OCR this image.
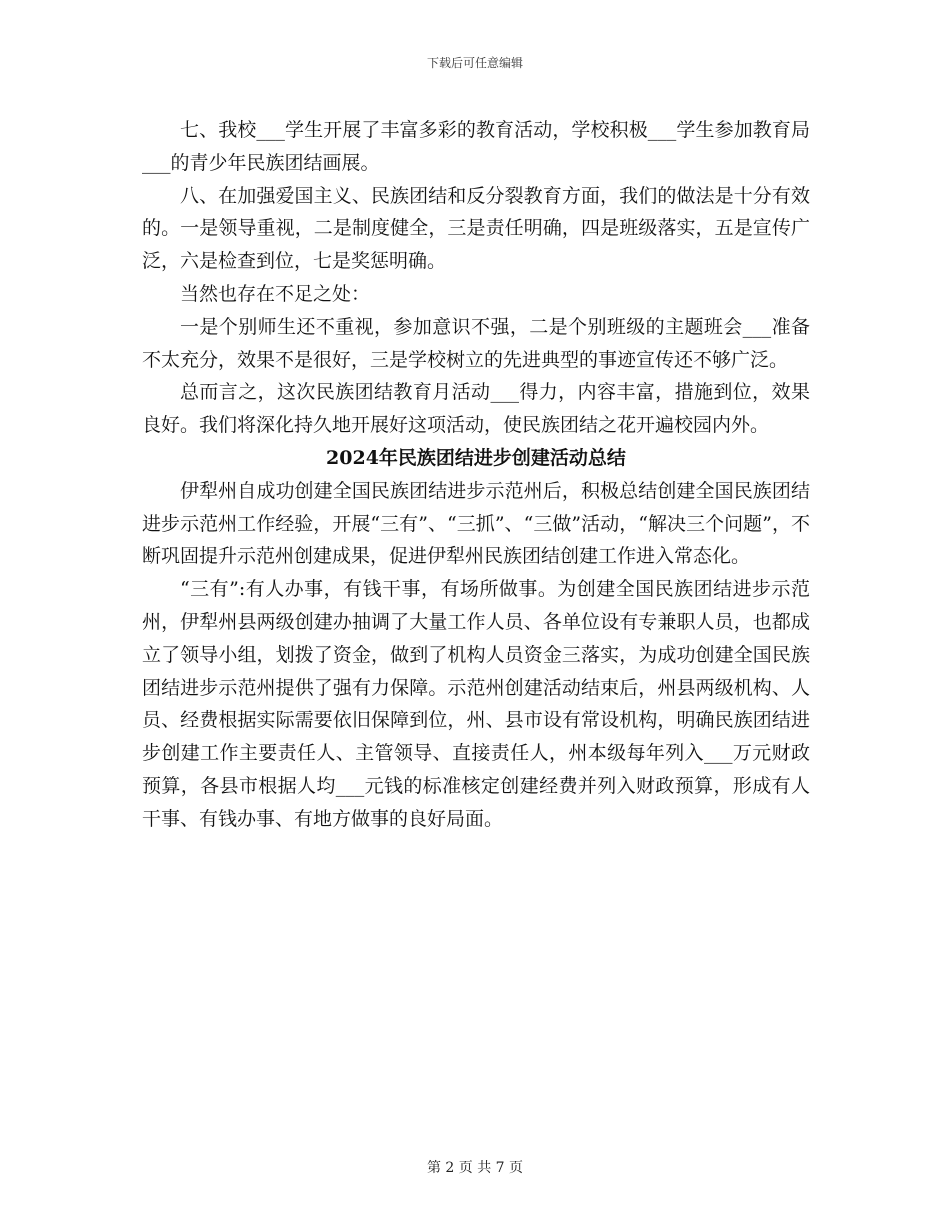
下载后可任意编辑

七、我校___学生开展了丰富多彩的教育活动，学校积极___学生参加教育局___的青少年民族团结画展。

八、在加强爱国主义、民族团结和反分裂教育方面，我们的做法是十分有效的。一是领导重视，二是制度健全，三是责任明确，四是班级落实，五是宣传广泛，六是检查到位，七是奖惩明确。

当然也存在不足之处：

一是个别师生还不重视，参加意识不强，二是个别班级的主题班会___准备不太充分，效果不是很好，三是学校树立的先进典型的事迹宣传还不够广泛。

总而言之，这次民族团结教育月活动___得力，内容丰富，措施到位，效果良好。我们将深化持久地开展好这项活动，使民族团结之花开遍校园内外。

2024年民族团结进步创建活动总结

伊犁州自成功创建全国民族团结进步示范州后，积极总结创建全国民族团结进步示范州工作经验，开展“三有”、“三抓”、“三做”活动，“解决三个问题”，不断巩固提升示范州创建成果，促进伊犁州民族团结创建工作进入常态化。

“三有”:有人办事，有钱干事，有场所做事。为创建全国民族团结进步示范州，伊犁州县两级创建办抽调了大量工作人员、各单位设有专兼职人员，也都成立了领导小组，划拨了资金，做到了机构人员资金三落实，为成功创建全国民族团结进步示范州提供了强有力保障。示范州创建活动结束后，州县两级机构、人员、经费根据实际需要依旧保障到位，州、县市设有常设机构，明确民族团结进步创建工作主要责任人、主管领导、直接责任人，州本级每年列入___万元财政预算，各县市根据人均___元钱的标准核定创建经费并列入财政预算，形成有人干事、有钱办事、有地方做事的良好局面。

第 2 页 共 7 页
